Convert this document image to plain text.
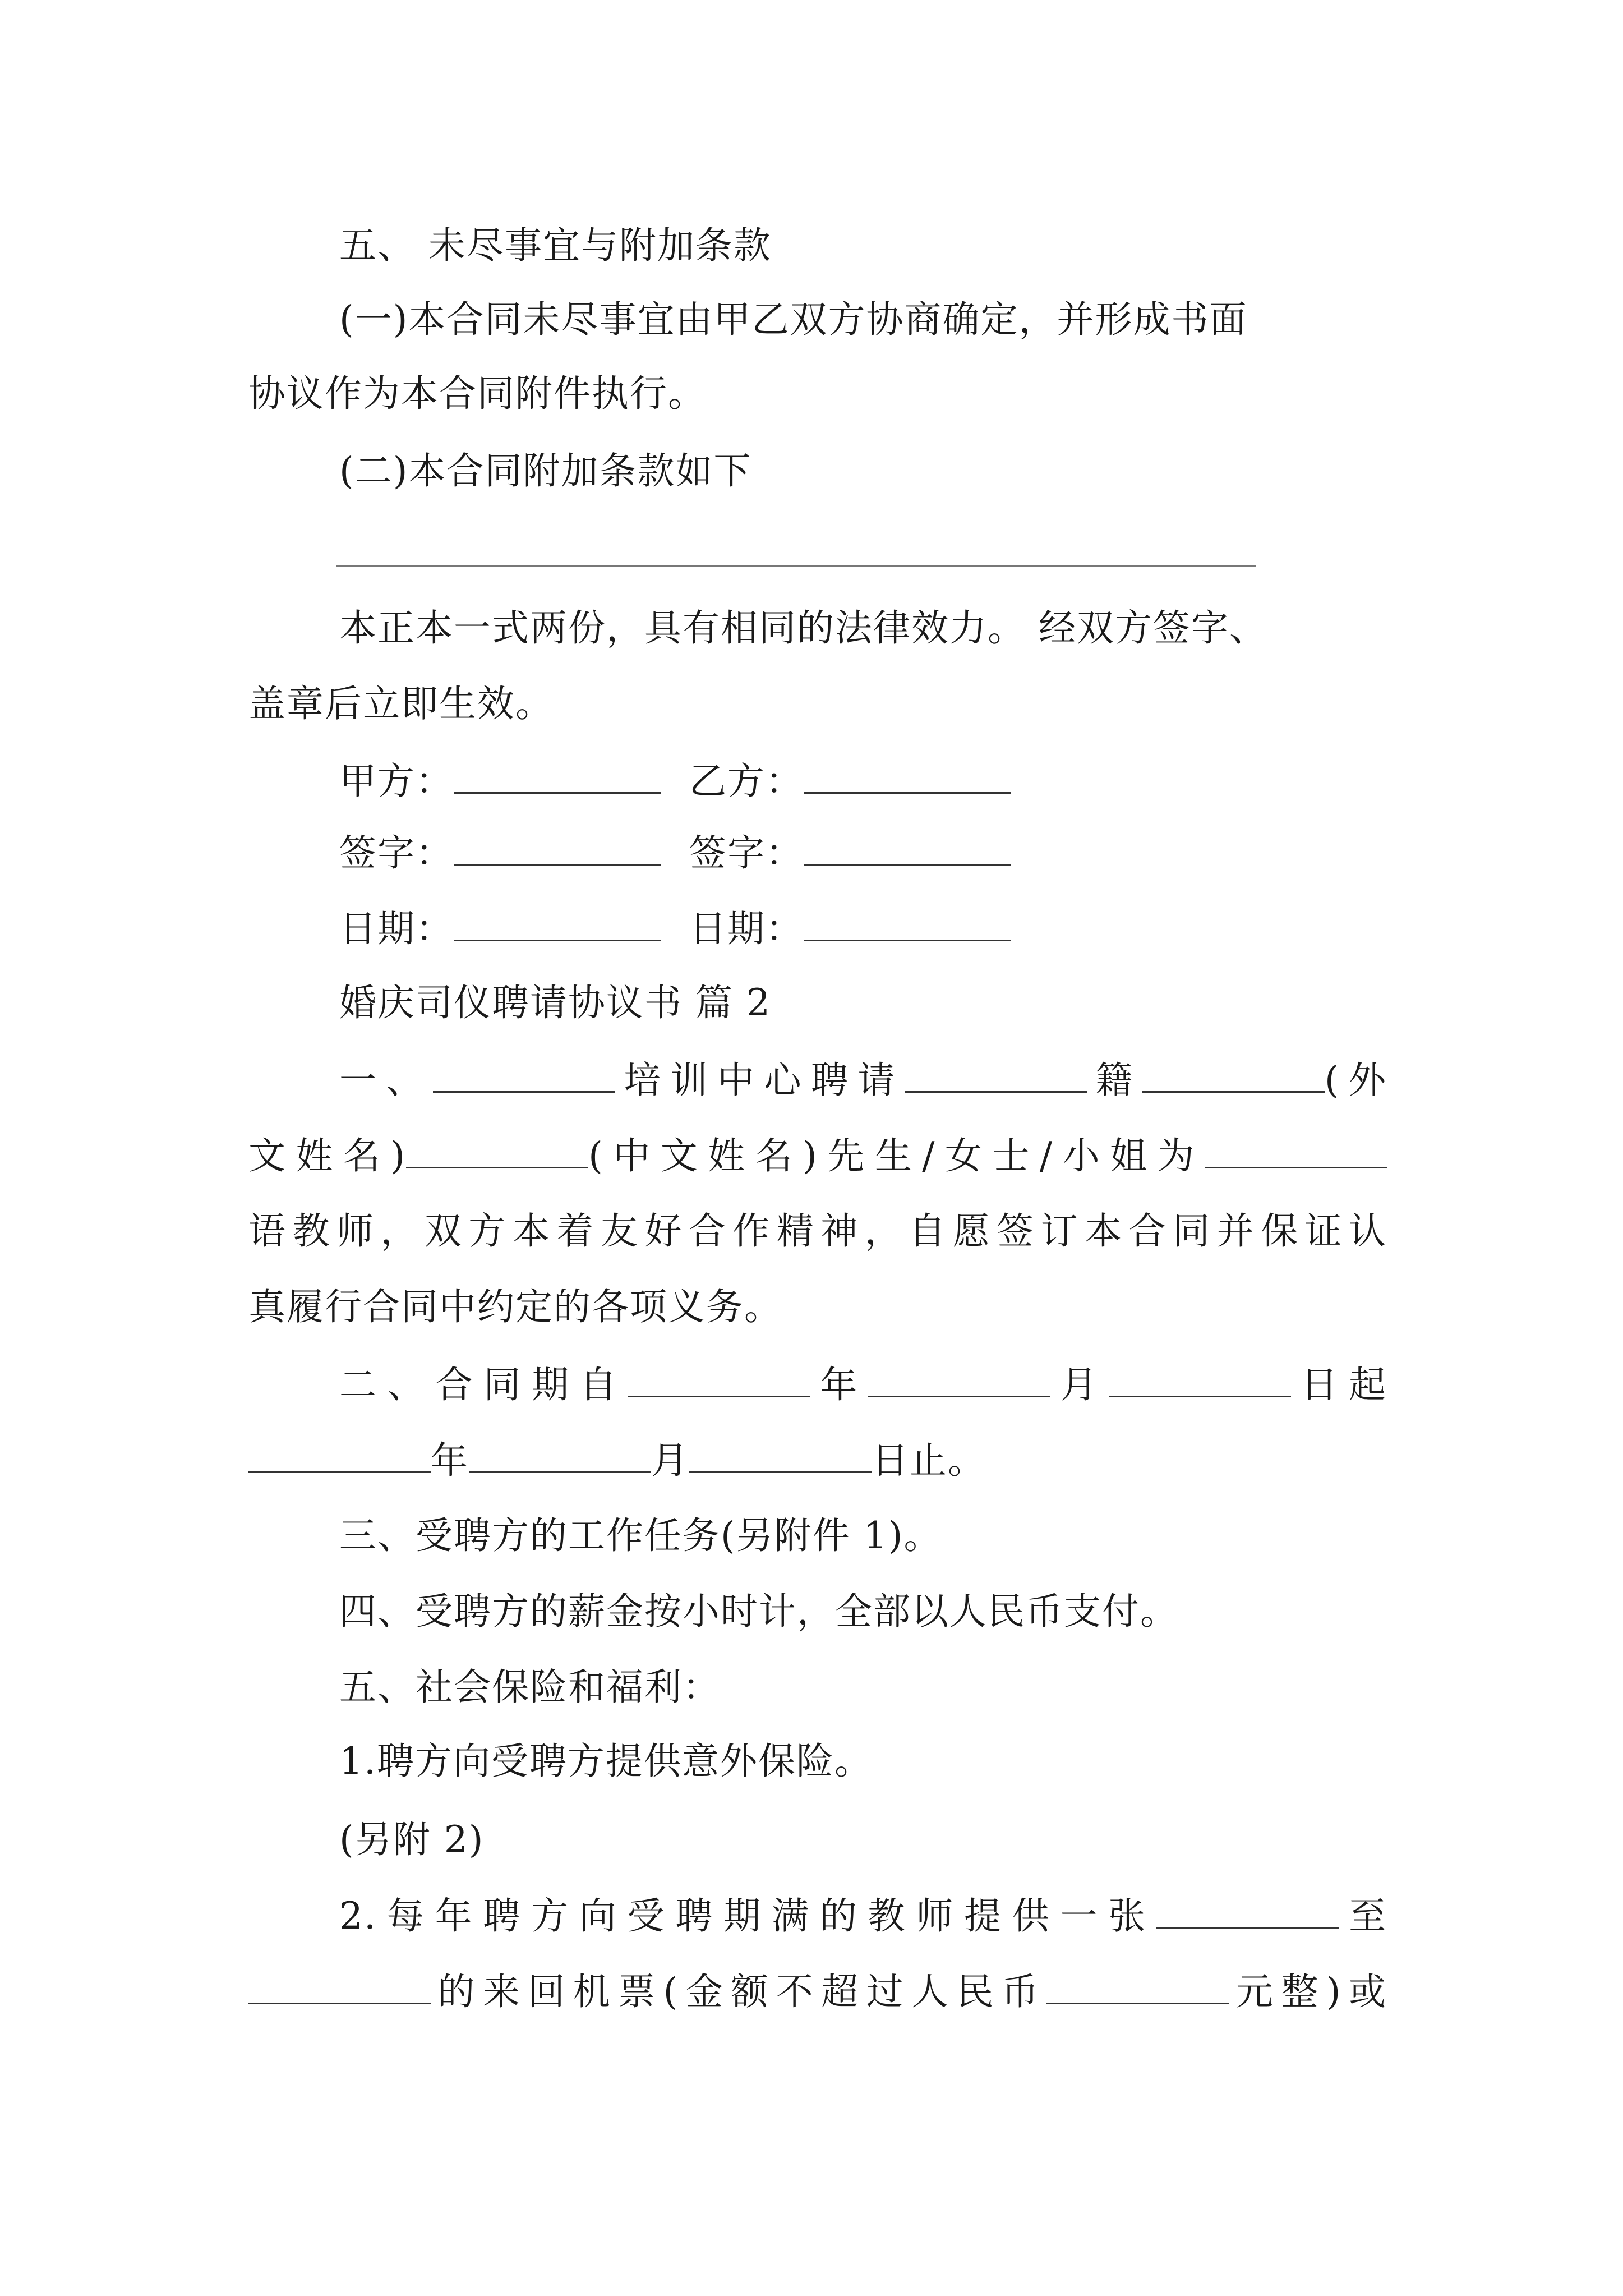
五、 未尽事宜与附加条款
(一)本合同未尽事宜由甲乙双方协商确定，并形成书面
协议作为本合同附件执行。
(二)本合同附加条款如下
本正本一式两份，具有相同的法律效力。 经双方签字、
盖章后立即生效。
甲方：	乙方：
签字：	签字：
日期：	日期：
婚庆司仪聘请协议书 篇 2
一、	培训中心聘请	籍	(外
文姓名)	(中文姓名)先生/女士/小姐为
语教师，双方本着友好合作精神，自愿签订本合同并保证认
真履行合同中约定的各项义务。
二、合同期自	年	月	日起
年	月	日止。
三、受聘方的工作任务(另附件 1)。
四、受聘方的薪金按小时计，全部以人民币支付。
五、社会保险和福利：
1.聘方向受聘方提供意外保险。
(另附 2)
2.每年聘方向受聘期满的教师提供一张	至
的来回机票(金额不超过人民币	元整)或
